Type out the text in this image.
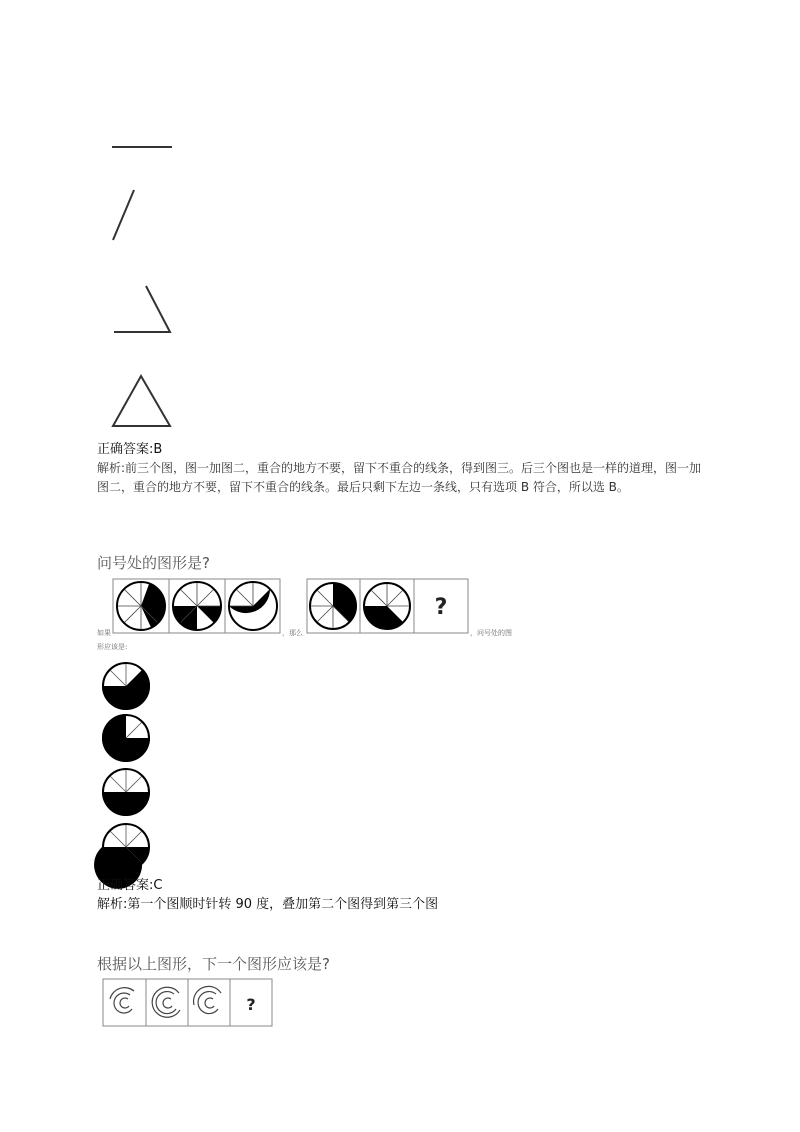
正确答案:B
解析:前三个图，图一加图二，重合的地方不要，留下不重合的线条，得到图三。后三个图也是一样的道理，图一加
图二，重合的地方不要，留下不重合的线条。最后只剩下左边一条线，只有选项 B 符合，所以选 B。
问号处的图形是?
如果	，那么	，问号处的图
形应该是:
?
正确答案:C
解析:第一个图顺时针转 90 度，叠加第二个图得到第三个图
根据以上图形，下一个图形应该是?
?
